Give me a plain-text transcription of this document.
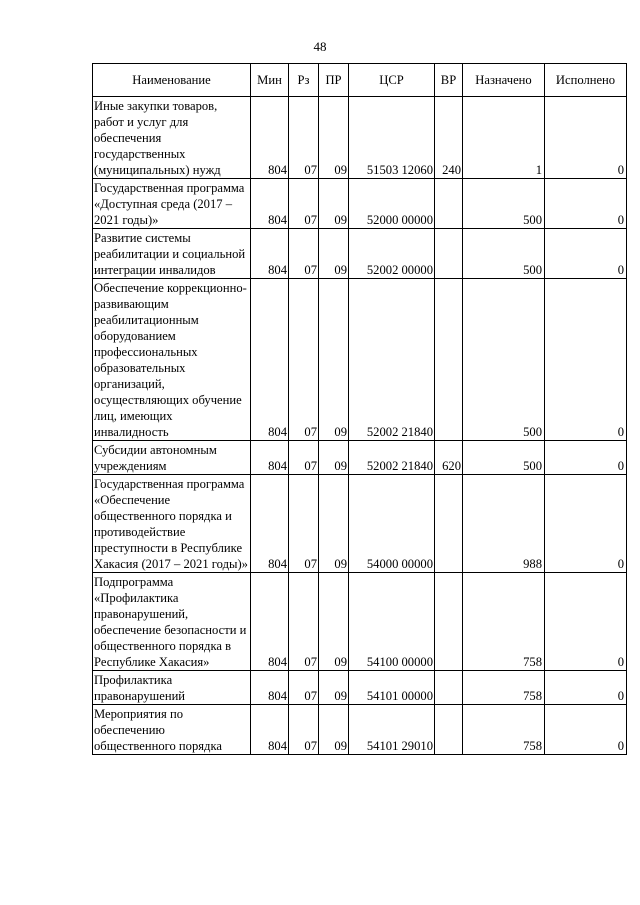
48
Наименование	Мин	Рз	ПР	ЦСР	ВР	Назначено	Исполнено
Иные закупки товаров, работ и услуг для обеспечения государственных (муниципальных) нужд	804	07	09	51503 12060	240	1	0
Государственная программа «Доступная среда (2017 – 2021 годы)»	804	07	09	52000 00000		500	0
Развитие системы реабилитации и социальной интеграции инвалидов	804	07	09	52002 00000		500	0
Обеспечение коррекционно-развивающим реабилитационным оборудованием профессиональных образовательных организаций, осуществляющих обучение лиц, имеющих инвалидность	804	07	09	52002 21840		500	0
Субсидии автономным учреждениям	804	07	09	52002 21840	620	500	0
Государственная программа «Обеспечение общественного порядка и противодействие преступности в Республике Хакасия (2017 – 2021 годы)»	804	07	09	54000 00000		988	0
Подпрограмма «Профилактика правонарушений, обеспечение безопасности и общественного порядка в Республике Хакасия»	804	07	09	54100 00000		758	0
Профилактика правонарушений	804	07	09	54101 00000		758	0
Мероприятия по обеспечению общественного порядка	804	07	09	54101 29010		758	0
